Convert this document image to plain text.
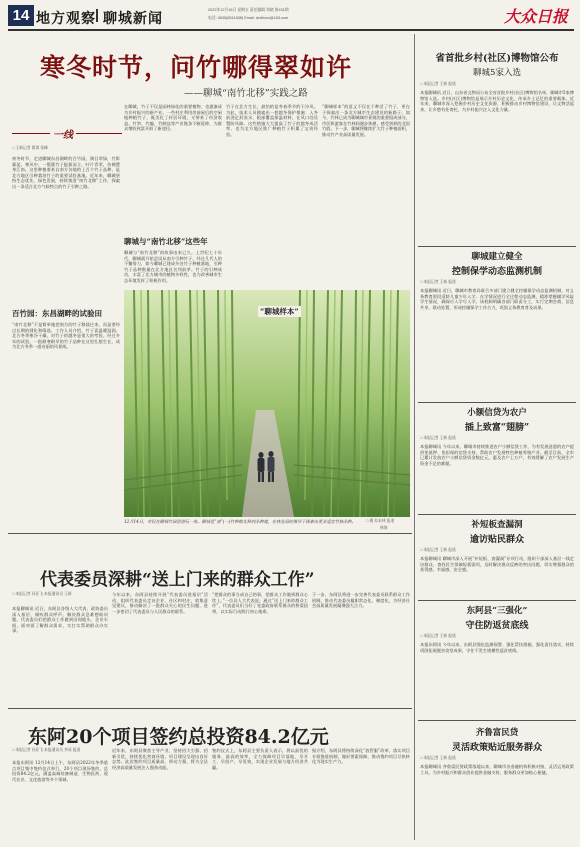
14 地方观察 聊城新闻
2022年12月16日 星期五 责任编辑 刘晓 第431期
电话: 0635(8511658) Email: dzrblzcx@163.com	大众日报
寒冬时节，问竹哪得翠如许
——聊城“南竹北移”实践之路
一线
□ 王新记者 翟琪 张峰
初冬时节，走进聊城东昌湖畔的百竹园，满目翠绿，竹影婆娑。寒风中，一簇簇竹子挺拔而立，叶片青翠，仿佛置身江南。这里种植着来自南方各地的上百个竹子品种，是北方地区引种栽培竹子的重要试验基地。近年来，聊城坚持生态优先、绿色发展，持续推进“南竹北移”工作，探索出一条适合北方气候特点的竹子引种之路。
百竹园：东昌湖畔的试验田
“南竹北移”不是简单地把南方的竹子移栽过来，而是要经过长期的驯化和筛选。工作人员介绍，竹子喜温暖湿润，北方冬季寒冷干燥，对竹子的越冬是很大的考验。经过多年的试验，一批耐寒耐旱的竹子品种在这里扎根生长，成为北方冬季一道亮丽的风景线。
在聊城，竹子不仅是园林绿化的重要植物，也逐渐成为乡村振兴的新产业。一些村庄利用房前屋后的空闲地种植竹子，既美化了村居环境，又带来了经济收益。竹笋、竹编、竹制品等产业链条不断延伸，为群众增收致富开辟了新途径。
聊城与“南竹北移”这些年
聊城与“南竹北移”的故事由来已久。上世纪七十年代，聊城就开始尝试从南方引种竹子。经过几代人的不懈努力，如今聊城已建成多处竹子种植基地，引种竹子品种数量在北方地区名列前茅。竹子的引种成功，丰富了北方城市的植物多样性，也为改善城市生态环境发挥了积极作用。
竹子在北方生长，最怕的是冬春季节的干冷风。为此，技术人员摸索出一套越冬保护措施：入冬前浇足封冻水，根部覆盖保温材料，在风口处设置防风障。这些措施大大提高了竹子的越冬成活率，也为北方地区推广种植竹子积累了宝贵经验。
“聊城样本”的意义不仅在于种活了竹子，更在于探索出一条北方城市生态建设的新路子。如今，竹林已成为聊城城市景观的重要组成部分，市民和游客在竹林间漫步休憩，感受别样的北国竹韵。下一步，聊城将继续扩大竹子种植面积，推动竹产业高质量发展。
“聊城样本”
12月14日，市民在聊城竹园里游玩一角。聊城是“南”(一)竹种植北移的品种地，在林业局的指导下探索出更多适宜竹林品种。	□ 摄 苏本林 报道
林海
代表委员深耕“送上门来的群众工作”
□ 本报记者 孙亚飞 本报通讯员 王新
本报聊城讯 近日，东阿县各级人大代表、政协委员深入基层，倾听群众呼声，解决群众急难愁盼问题。代表委员们把群众工作做到田间地头、企业车间，面对面了解群众需求，实打实帮助群众办实事。
今年以来，东阿县持续开展“代表委员进基层”活动，组织代表委员走访企业、社区和村庄，收集意见建议，推动解决了一批群众关心的民生问题，进一步密切了代表委员与人民群众的联系。
“把群众的事当成自己的事，把群众工作做到群众心坎上。”一位县人大代表说。通过“送上门来的群众工作”，代表委员们当好了党委政府联系群众的桥梁纽带，以实际行动践行初心使命。
下一步，东阿县将进一步完善代表委员联系群众工作机制，推动代表委员履职常态化、制度化，为经济社会高质量发展凝聚强大合力。
东阿20个项目签约总投资84.2亿元
□ 本报记者 孙亚飞 本报通讯员 李成 报道
本报东阿讯 12月14日上午，东阿县2022年冬季重点项目集中签约仪式举行，20个项目现场签约，总投资84.2亿元，涵盖高端装备制造、生物医药、现代农业、文化旅游等多个领域。
近年来，东阿县聚焦主导产业，坚持招大引强、招新引优，持续优化营商环境，项目建设呈现出良好态势。此次签约项目质量高、带动力强，将为全县经济高质量发展注入强劲动能。
签约仪式上，东阿县主要负责人表示，将以最优的服务、最高的效率，全力保障项目早落地、早开工、早投产、早见效，实现企业发展与地方经济共赢。
据介绍，东阿县将持续深化“放管服”改革，落实项目专班推进机制，做好要素保障，推动签约项目尽快转化为现实生产力。
省首批乡村(社区)博物馆公布
聊城5家入选
□ 本报记者 王新 报道
本报聊城讯 近日，山东省文物局公布全省首批乡村(社区)博物馆名单，聊城市5家博物馆入选。乡村(社区)博物馆是展示乡村历史文化、传承乡土记忆的重要载体。近年来，聊城市深入挖掘乡村历史文化资源，积极推动乡村博物馆建设，让文物活起来，让乡愁有处寄托，为乡村振兴注入文化力量。
聊城建立健全
控制保学动态监测机制
□ 本报记者 王新 报道
本报聊城讯 近日，聊城市教育局联合多部门建立健全控辍保学动态监测机制，对义务教育阶段适龄儿童少年入学、在学情况进行全过程动态监测，精准掌握辍学风险学生情况，确保应入学尽入学。该机制明确各部门职责分工，实行定期会商、信息共享、联动处置，形成控辍保学工作合力，巩固义务教育普及成果。
小额信贷为农户
插上致富“翅膀”
□ 本报记者 王新 报道
本报聊城讯 今年以来，聊城市持续推进农户小额信贷工作，为有发展意愿的农户提供免抵押、免担保的信贷支持，帮助农户发展特色种植养殖产业。截至目前，全市已累计发放农户小额信贷资金数亿元，惠及农户上万户，有效缓解了农户发展生产资金不足的难题。
补短板查漏洞
逾访贴民群众
□ 本报记者 王新 报道
本报聊城讯 聊城市深入开展“补短板、查漏洞”专项行动，组织干部深入基层一线走访群众，查找民生领域短板弱项，及时解决群众反映的突出问题，切实增强群众的获得感、幸福感、安全感。
东阿县“三强化”
守住防返贫底线
□ 本报记者 王新 报道
本报东阿讯 今年以来，东阿县强化监测预警、强化帮扶措施、强化责任落实，持续巩固拓展脱贫攻坚成果，守住不发生规模性返贫底线。
齐鲁富民贷
灵活政策贴近服务群众
□ 本报记者 王新 报道
本报聊城讯 齐鲁富民贷政策落地以来，聊城市各金融机构积极对接，灵活运用政策工具，为乡村振兴和群众创业提供金融支持，服务群众更加贴心便捷。
